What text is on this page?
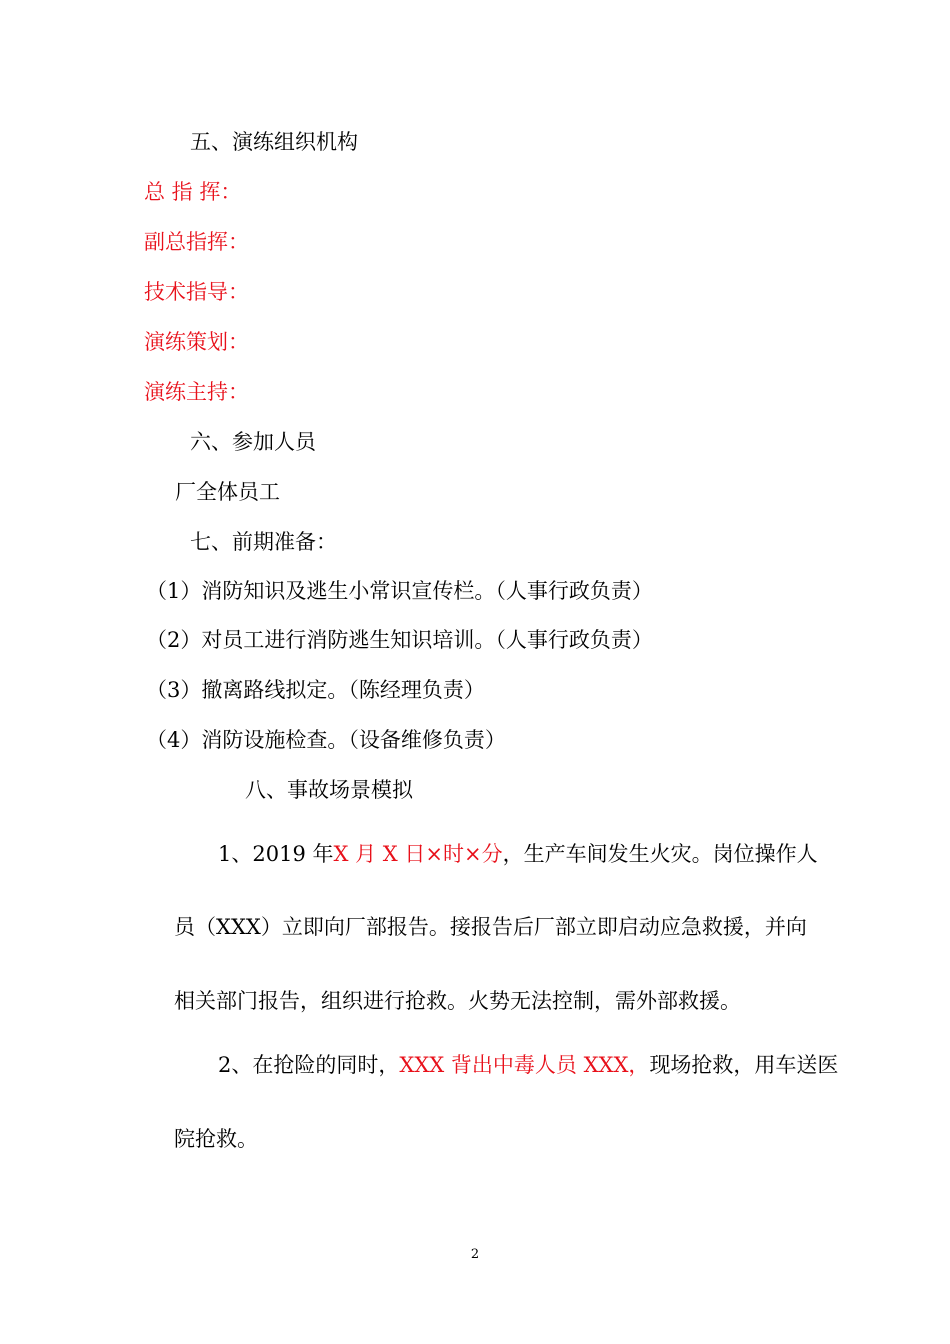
五、演练组织机构
总 指 挥：
副总指挥：
技术指导：
演练策划：
演练主持：
六、参加人员
厂全体员工
七、前期准备：
（1）消防知识及逃生小常识宣传栏。（人事行政负责）
（2）对员工进行消防逃生知识培训。（人事行政负责）
（3）撤离路线拟定。（陈经理负责）
（4）消防设施检查。（设备维修负责）
八、事故场景模拟
1、2019 年X 月 X 日×时×分，生产车间发生火灾。岗位操作人
员（XXX）立即向厂部报告。接报告后厂部立即启动应急救援，并向
相关部门报告，组织进行抢救。火势无法控制，需外部救援。
2、在抢险的同时，XXX 背出中毒人员 XXX，现场抢救，用车送医
院抢救。
2
